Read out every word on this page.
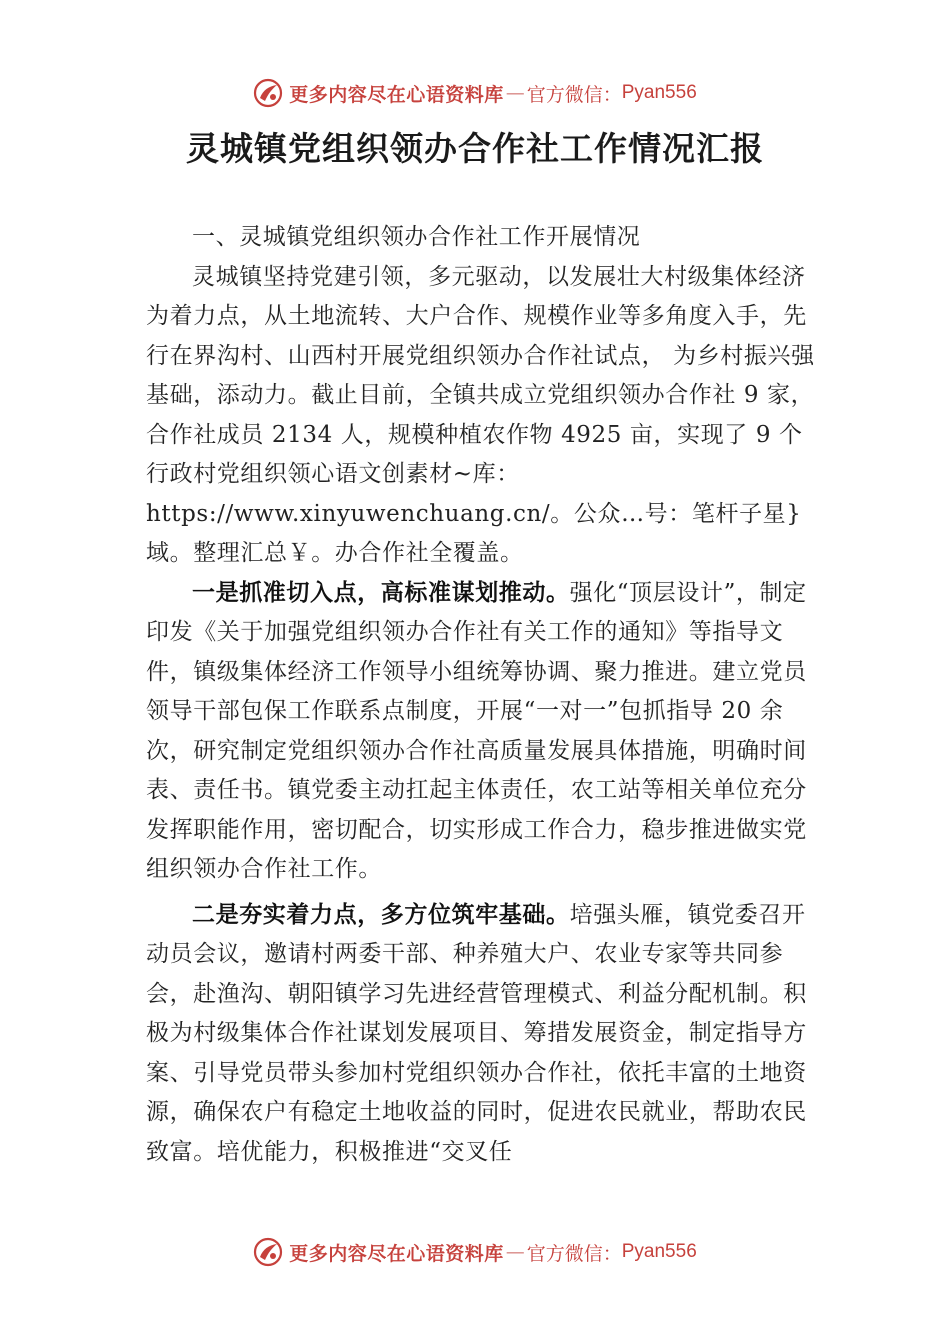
更多内容尽在心语资料库 — 官方微信： Pyan556
灵城镇党组织领办合作社工作情况汇报

一、灵城镇党组织领办合作社工作开展情况

灵城镇坚持党建引领，多元驱动，以发展壮大村级集体经济为着力点，从土地流转、大户合作、规模作业等多角度入手，先行在界沟村、山西村开展党组织领办合作社试点， 为乡村振兴强基础，添动力。截止目前，全镇共成立党组织领办合作社 9 家，合作社成员 2134 人，规模种植农作物 4925 亩，实现了 9 个行政村党组织领心语文创素材~库：https://www.xinyuwenchuang.cn/。公众…号：笔杆子星}域。整理汇总￥。办合作社全覆盖。

一是抓准切入点，高标准谋划推动。强化“顶层设计”，制定印发《关于加强党组织领办合作社有关工作的通知》等指导文件，镇级集体经济工作领导小组统筹协调、聚力推进。建立党员领导干部包保工作联系点制度，开展“一对一”包抓指导 20 余次，研究制定党组织领办合作社高质量发展具体措施，明确时间表、责任书。镇党委主动扛起主体责任，农工站等相关单位充分发挥职能作用，密切配合，切实形成工作合力，稳步推进做实党组织领办合作社工作。

二是夯实着力点，多方位筑牢基础。培强头雁，镇党委召开动员会议，邀请村两委干部、种养殖大户、农业专家等共同参会，赴渔沟、朝阳镇学习先进经营管理模式、利益分配机制。积极为村级集体合作社谋划发展项目、筹措发展资金，制定指导方案、引导党员带头参加村党组织领办合作社，依托丰富的土地资源，确保农户有稳定土地收益的同时，促进农民就业，帮助农民致富。培优能力，积极推进“交叉任

更多内容尽在心语资料库 — 官方微信： Pyan556
